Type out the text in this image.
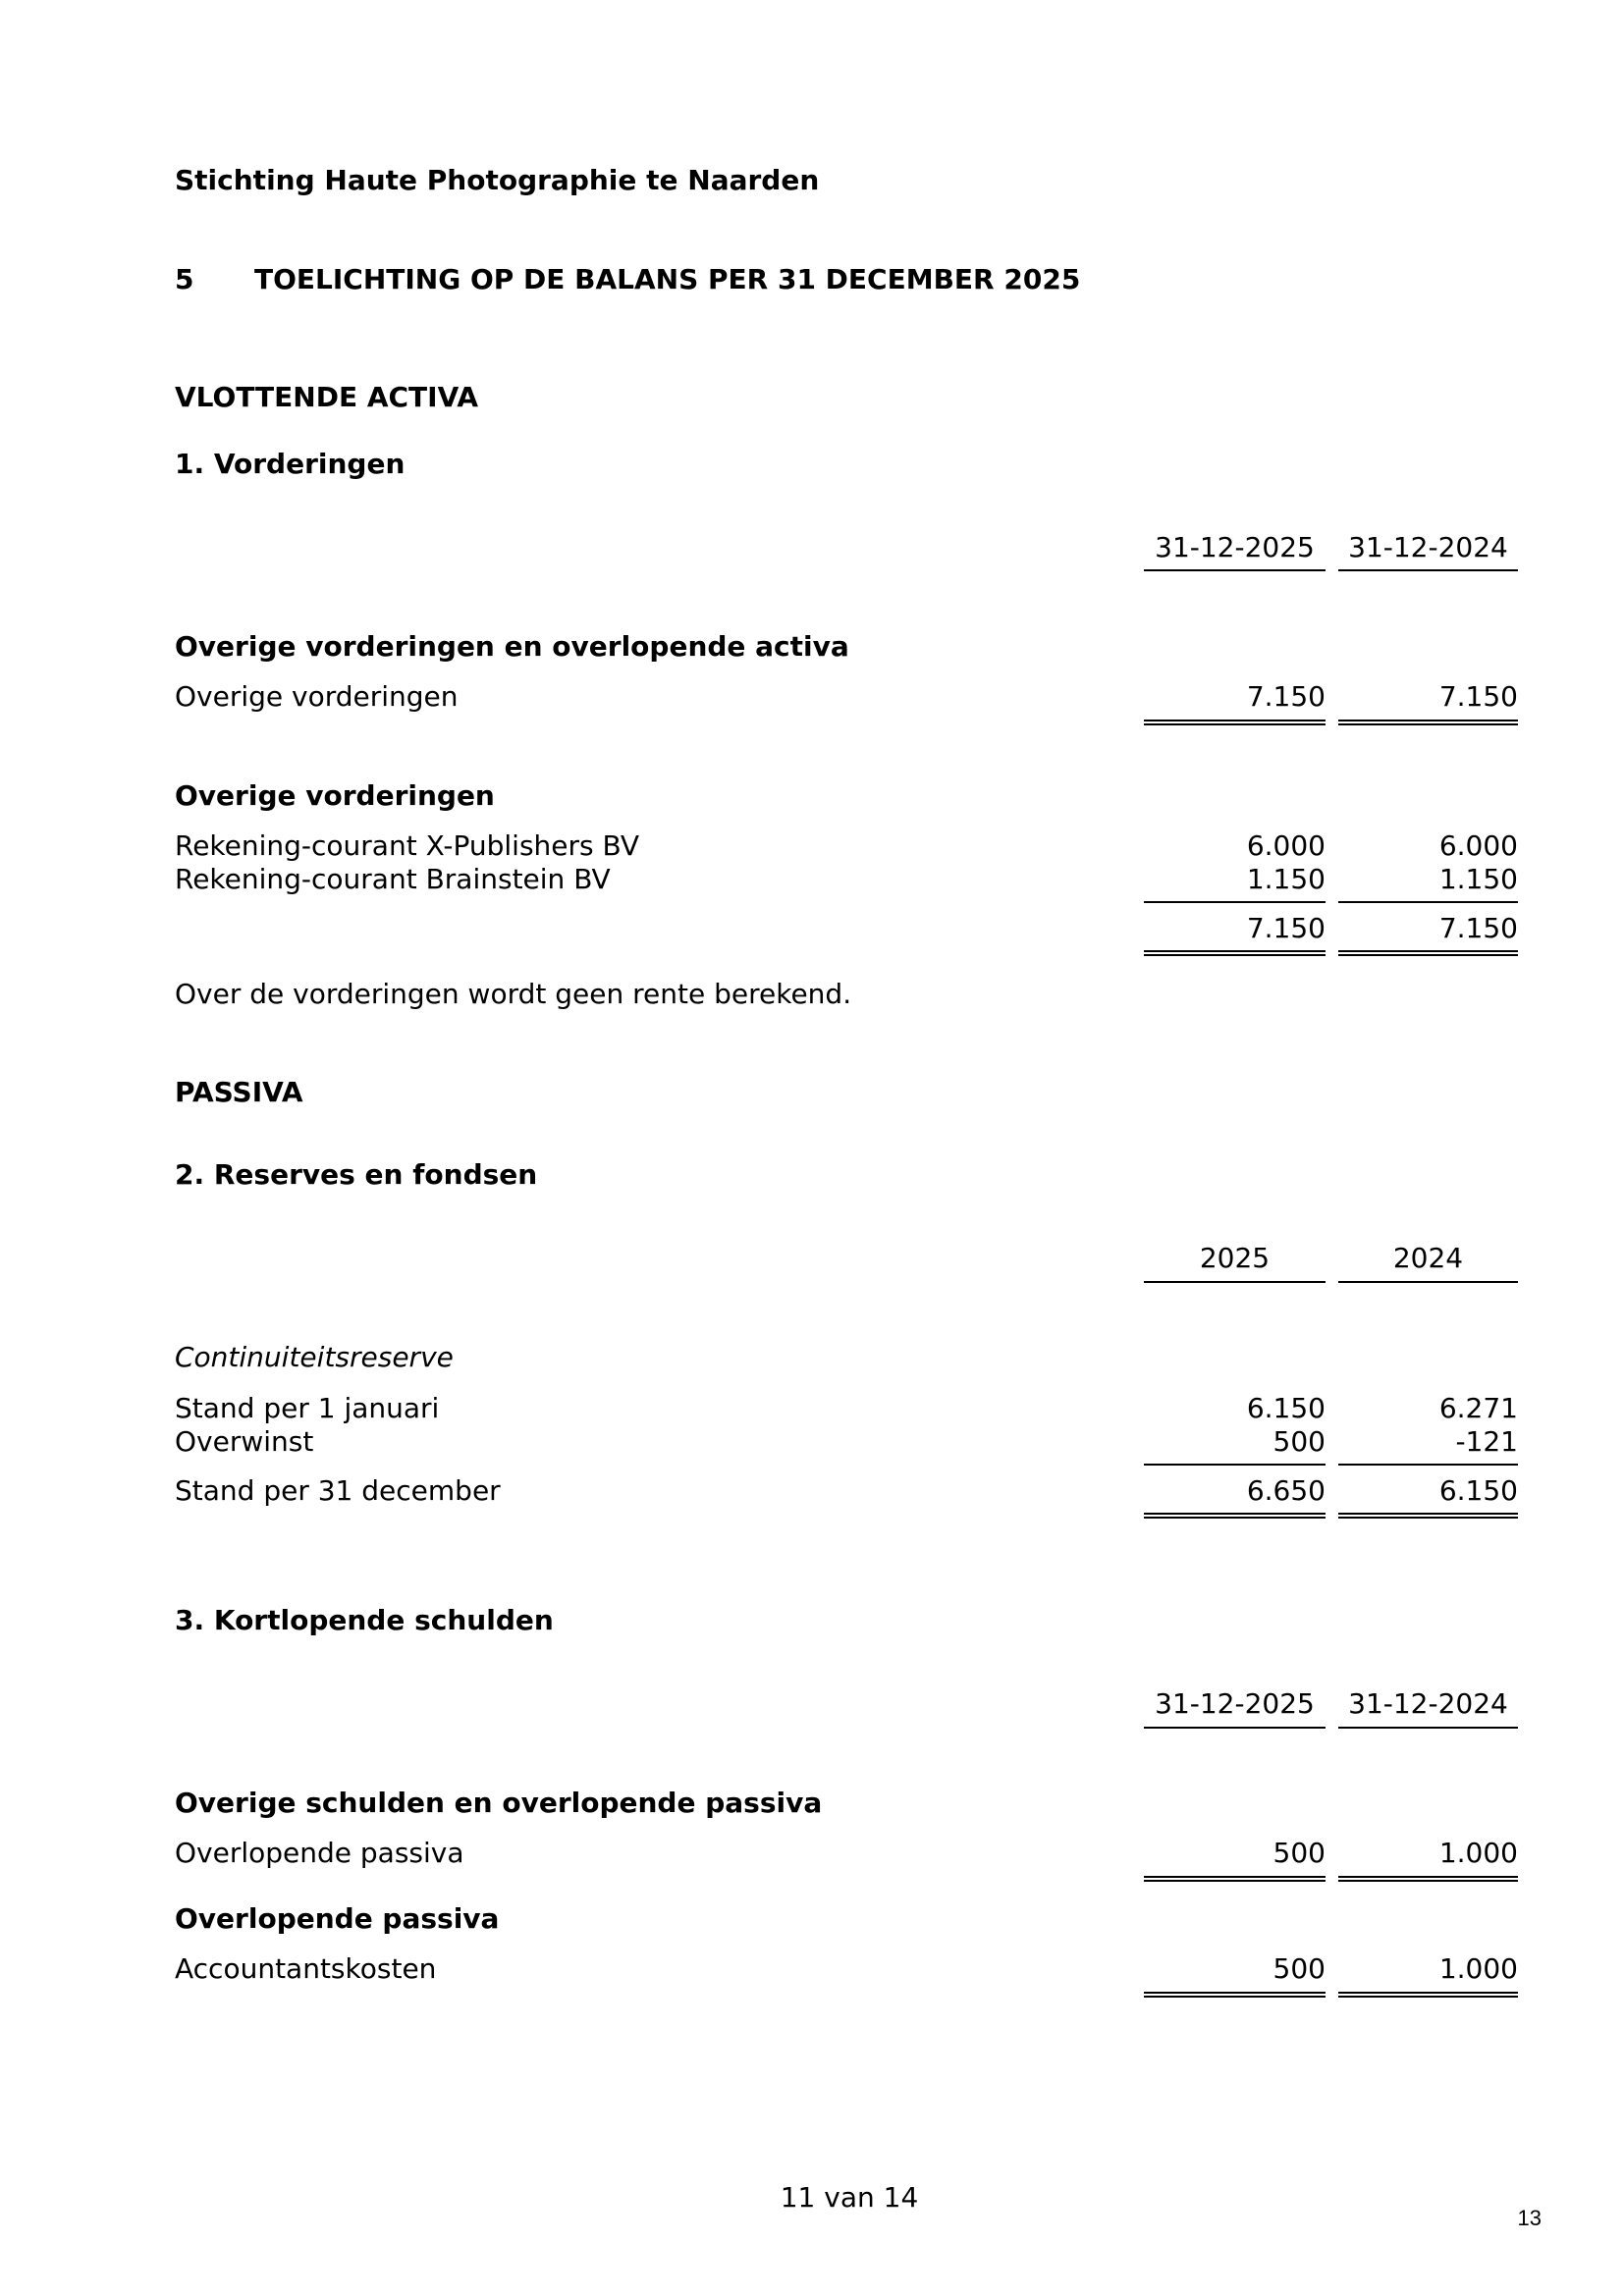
Stichting Haute Photographie te Naarden
5 TOELICHTING OP DE BALANS PER 31 DECEMBER 2025
VLOTTENDE ACTIVA
1. Vorderingen
31-12-2025	31-12-2024
Overige vorderingen en overlopende activa
Overige vorderingen	7.150	7.150
Overige vorderingen
Rekening-courant X-Publishers BV	6.000	6.000
Rekening-courant Brainstein BV	1.150	1.150
7.150	7.150
Over de vorderingen wordt geen rente berekend.
PASSIVA
2. Reserves en fondsen
2025	2024
Continuiteitsreserve
Stand per 1 januari	6.150	6.271
Overwinst	500	-121
Stand per 31 december	6.650	6.150
3. Kortlopende schulden
31-12-2025	31-12-2024
Overige schulden en overlopende passiva
Overlopende passiva	500	1.000
Overlopende passiva
Accountantskosten	500	1.000
11 van 14
13
